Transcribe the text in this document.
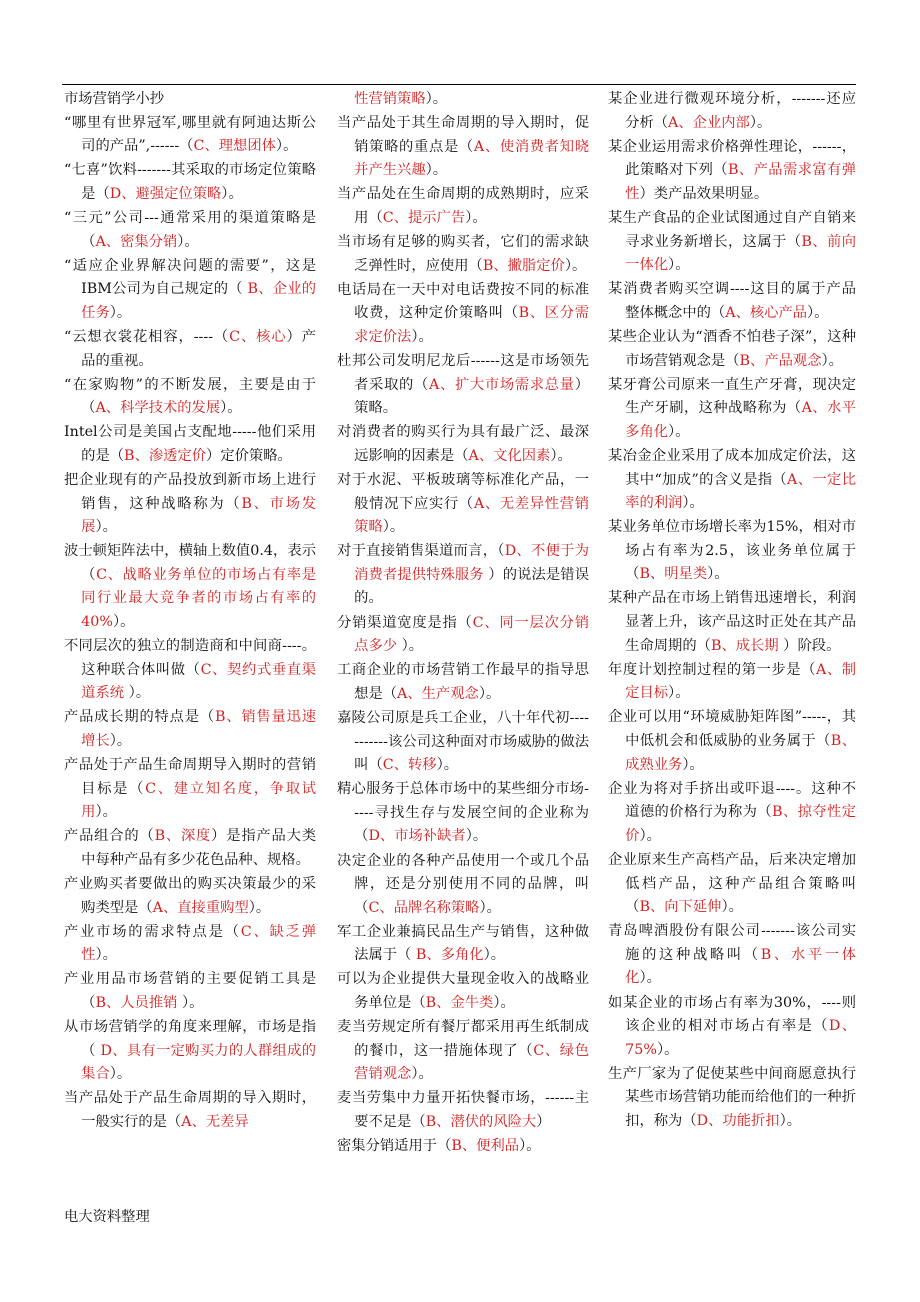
市场营销学小抄

“哪里有世界冠军,哪里就有阿迪达斯公司的产品”,------（C、理想团体）。

“七喜”饮料-------其采取的市场定位策略是（D、避强定位策略）。

“三元”公司---通常采用的渠道策略是（A、密集分销）。

“适应企业界解决问题的需要”，这是IBM公司为自己规定的（ B、企业的任务）。

“云想衣裳花相容，----（C、核心）产品的重视。

“在家购物”的不断发展，主要是由于（A、科学技术的发展）。

Intel公司是美国占支配地-----他们采用的是（B、渗透定价）定价策略。

把企业现有的产品投放到新市场上进行销售，这种战略称为（B、市场发展）。

波士顿矩阵法中，横轴上数值0.4，表示（C、战略业务单位的市场占有率是同行业最大竞争者的市场占有率的40%）。

不同层次的独立的制造商和中间商----。这种联合体叫做（C、契约式垂直渠道系统 ）。

产品成长期的特点是（B、销售量迅速增长）。

产品处于产品生命周期导入期时的营销目标是（C、建立知名度，争取试用）。

产品组合的（B、深度）是指产品大类中每种产品有多少花色品种、规格。

产业购买者要做出的购买决策最少的采购类型是（A、直接重购型）。

产业市场的需求特点是（C、缺乏弹性）。

产业用品市场营销的主要促销工具是（B、人员推销 ）。

从市场营销学的角度来理解，市场是指（ D、具有一定购买力的人群组成的集合）。

当产品处于产品生命周期的导入期时，一般实行的是（A、无差异

性营销策略）。

当产品处于其生命周期的导入期时，促销策略的重点是（A、使消费者知晓并产生兴趣）。

当产品处在生命周期的成熟期时，应采用（C、提示广告）。

当市场有足够的购买者，它们的需求缺乏弹性时，应使用（B、撇脂定价）。

电话局在一天中对电话费按不同的标准收费，这种定价策略叫（B、区分需求定价法）。

杜邦公司发明尼龙后------这是市场领先者采取的（A、扩大市场需求总量）策略。

对消费者的购买行为具有最广泛、最深远影响的因素是（A、文化因素）。

对于水泥、平板玻璃等标准化产品，一般情况下应实行（A、无差异性营销策略）。

对于直接销售渠道而言，（D、不便于为消费者提供特殊服务 ）的说法是错误的。

分销渠道宽度是指（C、同一层次分销点多少 ）。

工商企业的市场营销工作最早的指导思想是（A、生产观念）。

嘉陵公司原是兵工企业，八十年代初-----------该公司这种面对市场威胁的做法叫（C、转移）。

精心服务于总体市场中的某些细分市场-----寻找生存与发展空间的企业称为（D、市场补缺者）。

决定企业的各种产品使用一个或几个品牌，还是分别使用不同的品牌，叫（C、品牌名称策略）。

军工企业兼搞民品生产与销售，这种做法属于（ B、多角化）。

可以为企业提供大量现金收入的战略业务单位是（B、金牛类）。

麦当劳规定所有餐厅都采用再生纸制成的餐巾，这一措施体现了（C、绿色营销观念）。

麦当劳集中力量开拓快餐市场，------主要不足是（B、潜伏的风险大）

密集分销适用于（B、便利品）。

某企业进行微观环境分析，-------还应分析（A、企业内部）。

某企业运用需求价格弹性理论，------，此策略对下列（B、产品需求富有弹性）类产品效果明显。

某生产食品的企业试图通过自产自销来寻求业务新增长，这属于（B、前向一体化）。

某消费者购买空调----这目的属于产品整体概念中的（A、核心产品）。

某些企业认为“酒香不怕巷子深”，这种市场营销观念是（B、产品观念）。

某牙膏公司原来一直生产牙膏，现决定生产牙刷，这种战略称为（A、水平多角化）。

某冶金企业采用了成本加成定价法，这其中“加成”的含义是指（A、一定比率的利润）。

某业务单位市场增长率为15%，相对市场占有率为2.5，该业务单位属于 （B、明星类）。

某种产品在市场上销售迅速增长，利润显著上升，该产品这时正处在其产品生命周期的（B、成长期 ）阶段。

年度计划控制过程的第一步是（A、制定目标）。

企业可以用“环境威胁矩阵图”-----，其中低机会和低威胁的业务属于（B、成熟业务）。

企业为将对手挤出或吓退----。这种不道德的价格行为称为（B、掠夺性定价）。

企业原来生产高档产品，后来决定增加低档产品，这种产品组合策略叫（B、向下延伸）。

青岛啤酒股份有限公司-------该公司实施的这种战略叫（B、水平一体化）。

如某企业的市场占有率为30%，----则该企业的相对市场占有率是（D、75%）。

生产厂家为了促使某些中间商愿意执行某些市场营销功能而给他们的一种折扣，称为（D、功能折扣）。

电大资料整理
